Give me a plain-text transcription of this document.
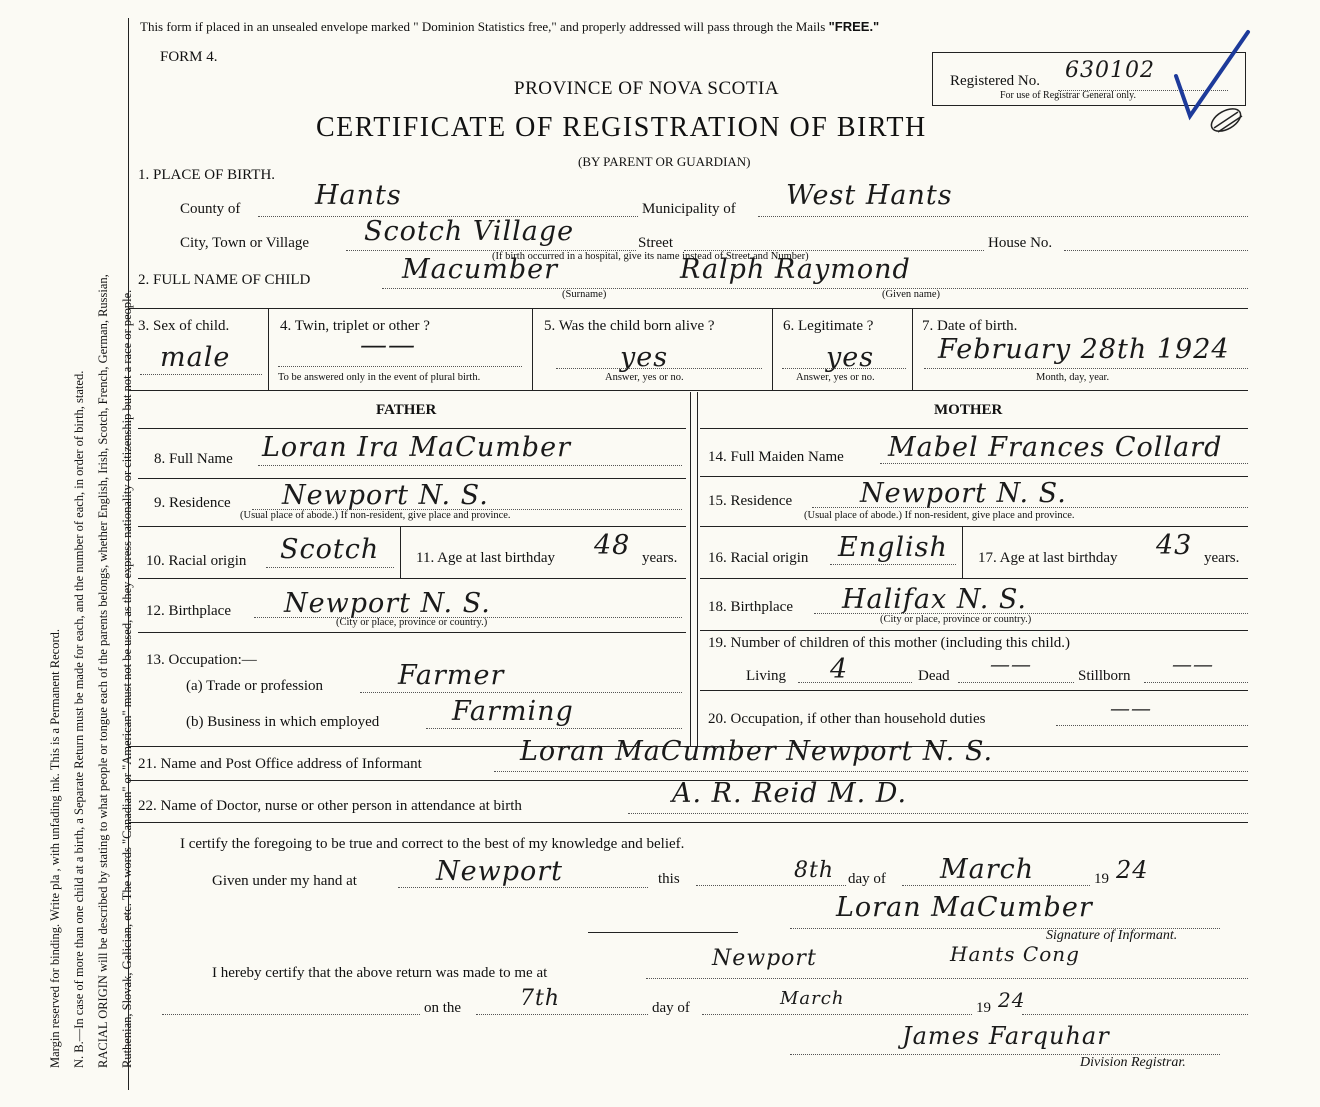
Margin reserved for binding. Write pla , with unfading ink. This is a Permanent Record. N. B.—In case of more than one child at a birth, a Separate Return must be made for each, and the number of each, in order of birth, stated. RACIAL ORIGIN will be described by stating to what people or tongue each of the parents belongs, whether English, Irish, Scotch, French, German, Russian, Ruthenian, Slovak, Galician, etc. The words "Canadian" or "American" must not be used, as they express nationality or citizenship but not a race or people.
This form if placed in an unsealed envelope marked " Dominion Statistics free," and properly addressed will pass through the Mails "FREE."
FORM 4.
PROVINCE OF NOVA SCOTIA
CERTIFICATE OF REGISTRATION OF BIRTH
(BY PARENT OR GUARDIAN)
Registered No. 630102
For use of Registrar General only.
1. PLACE OF BIRTH.
County of	Hants	Municipality of West Hants
City, Town or Village Scotch Village	Street	House No.
(If birth occurred in a hospital, give its name instead of Street and Number)
2. FULL NAME OF CHILD	Macumber	Ralph Raymond
(Surname)	(Given name)
3. Sex of child.
male
4. Twin, triplet or other ?
——
To be answered only in the event of plural birth.
5. Was the child born alive ?
yes
Answer, yes or no.
6. Legitimate ?
yes
Answer, yes or no.
7. Date of birth.
February 28th 1924
Month, day, year.
FATHER	MOTHER
8. Full Name Loran Ira MaCumber
9. Residence Newport N. S.
(Usual place of abode.) If non-resident, give place and province.
10. Racial origin Scotch 11. Age at last birthday 48 years.
12. Birthplace Newport N. S.
(City or place, province or country.)
13. Occupation:—
(a) Trade or profession	Farmer
(b) Business in which employed	Farming
14. Full Maiden Name Mabel Frances Collard
15. Residence	Newport N. S.
(Usual place of abode.) If non-resident, give place and province.
16. Racial origin English 17. Age at last birthday 43 years.
18. Birthplace Halifax N. S.
(City or place, province or country.)
19. Number of children of this mother (including this child.)
Living 4	Dead ——	Stillborn ——
20. Occupation, if other than household duties	——
21. Name and Post Office address of Informant	Loran MaCumber Newport N. S.
22. Name of Doctor, nurse or other person in attendance at birth	A. R. Reid M. D.
I certify the foregoing to be true and correct to the best of my knowledge and belief.
Given under my hand at	Newport	this	8th day of March	19 24
Loran MaCumber
Signature of Informant.
I hereby certify that the above return was made to me at
Newport	Hants Cong
on the	7th	day of	March	19 24
James Farquhar
Division Registrar.
